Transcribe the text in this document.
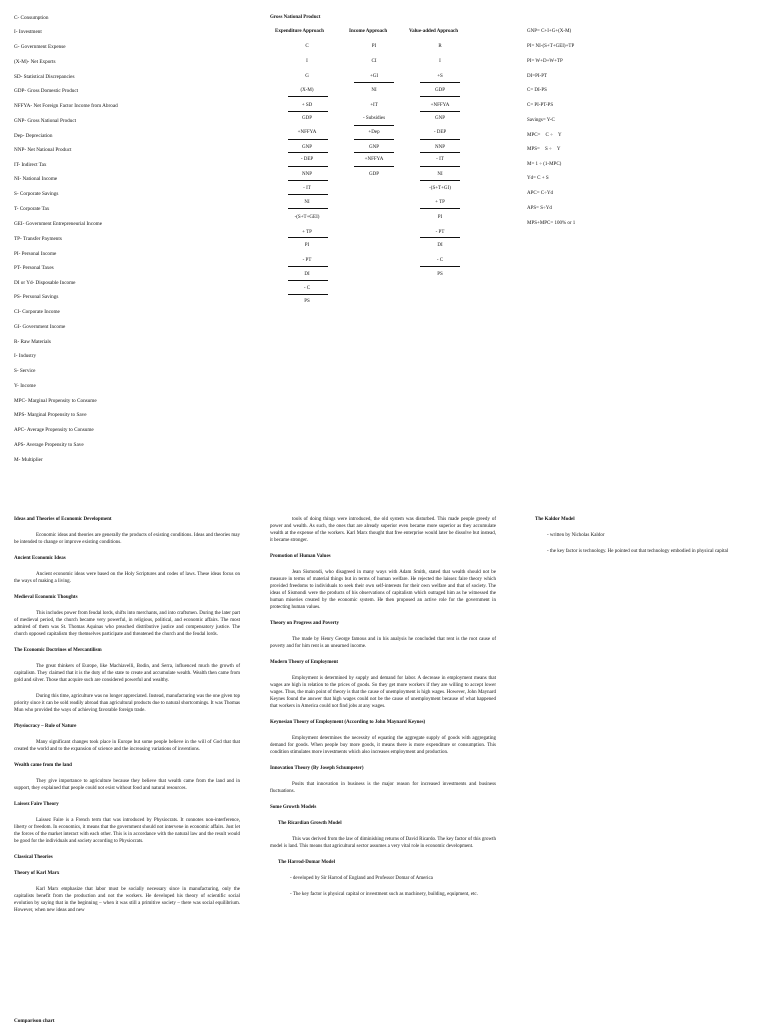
C- Consumption
I- Investment
G- Government Expense
(X-M)- Net Exports
SD- Statistical Discrepancies
GDP- Gross Domestic Product
NFFYA- Net Foreign Factor Income from Abroad
GNP- Gross National Product
Dep- Depreciation
NNP- Net National Product
IT- Indirect Tax
NI- National Income
S- Corporate Savings
T- Corporate Tax
GEI- Government Entrepreneurial Income
TP- Transfer Payments
PI- Personal Income
PT- Personal Taxes
DI or Yd- Disposable Income
PS- Personal Savings
CI- Corporate Income
GI- Government Income
R- Raw Materials
I- Industry
S- Service
Y- Income
MPC- Marginal Propensity to Consume
MPS- Marginal Propensity to Save
APC- Average Propensity to Consume
APS- Average Propensity to Save
M- Multiplier
Gross National Product
Expenditure Approach	Income Approach	Value-added Approach
C
I
G
(X-M)
+ SD
GDP
+NFFYA
GNP
- DEP
NNP
- IT
NI
-(S+T+GEI)
+ TP
PI
- PT
DI
- C
PS
PI
CI
+GI
NI
+IT
- Subsidies
+Dep
GNP
+NFFYA
GDP
R
I
+S
GDP
+NFFYA
GNP
- DEP
NNP
- IT
NI
-(S+T+GI)
+ TP
PI
- PT
DI
- C
PS
GNP= C+I+G+(X-M)
PI= NI-(S+T+GEI)+TP
PI= W+D+W+TP
DI=PI-PT
C= DI-PS
C= PI-PT-PS
Savings= Y-C
MPC= ⃤C ÷ ⃤Y
MPS= ⃤S ÷ ⃤Y
M= 1 ÷ (1-MPC)
Yd= C + S
APC= C÷Yd
APS= S÷Yd
MPS+MPC= 100% or 1
Ideas and Theories of Economic Development
Economic ideas and theories are generally the products of existing conditions. Ideas and theories may be intended to change or improve existing conditions.
Ancient Economic Ideas
Ancient economic ideas were based on the Holy Scriptures and codes of laws. These ideas focus on the ways of making a living.
Medieval Economic Thoughts
This includes power from feudal lords, shifts into merchants, and into craftsmen. During the later part of medieval period, the church became very powerful, in religious, political, and economic affairs. The most admired of them was St. Thomas Aquinas who preached distributive justice and compensatory justice. The church opposed capitalism they themselves participate and threatened the church and the feudal lords.
The Economic Doctrines of Mercantilism
The great thinkers of Europe, like Machiavelli, Bodin, and Serra, influenced much the growth of capitalism. They claimed that it is the duty of the state to create and accumulate wealth. Wealth then came from gold and silver. Those that acquire such are considered powerful and wealthy.
During this time, agriculture was no longer appreciated. Instead, manufacturing was the one given top priority since it can be sold readily abroad than agricultural products due to natural shortcomings. It was Thomas Mun who provided the ways of achieving favorable foreign trade.
Physiocracy – Rule of Nature
Many significant changes took place in Europe but some people believe in the will of God that that created the world and to the expansion of science and the increasing variations of inventions.
Wealth came from the land
They give importance to agriculture because they believe that wealth came from the land and in support, they explained that people could not exist without food and natural resources.
Laissez Faire Theory
Laissez Faire is a French term that was introduced by Physiocrats. It connotes non-interference, liberty or freedom. In economics, it means that the government should not intervene in economic affairs. Just let the forces of the market interact with each other. This is in accordance with the natural law and the result would be good for the individuals and society according to Physiocrats.
Classical Theories
Theory of Karl Marx
Karl Marx emphasize that labor must be socially necessary since in manufacturing, only the capitalists benefit from the production and not the workers. He developed his theory of scientific social evolution by saying that in the beginning – when it was still a primitive society – there was social equilibrium. However, when new ideas and new
tools of doing things were introduced, the old system was disturbed. This made people greedy of power and wealth. As such, the ones that are already superior even became more superior as they accumulate wealth at the expense of the workers. Karl Marx thought that free enterprise would later be dissolve but instead, it became stronger.
Promotion of Human Values
Jean Sismondi, who disagreed in many ways with Adam Smith, stated that wealth should not be measure in terms of material things but in terms of human welfare. He rejected the laissez faire theory which provided freedoms to individuals to seek their own self-interests for their own welfare and that of society. The ideas of Sismondi were the products of his observations of capitalism which outraged him as he witnessed the human miseries created by the economic system. He then proposed an active role for the government in protecting human values.
Theory on Progress and Poverty
The made by Henry George famous and in his analysis he concluded that rent is the root cause of poverty and for him rent is an unearned income.
Modern Theory of Employment
Employment is determined by supply and demand for labor. A decrease in employment means that wages are high in relation to the prices of goods. So they get more workers if they are willing to accept lower wages. Thus, the main point of theory is that the cause of unemployment is high wages. However, John Maynard Keynes found the answer that high wages could not be the cause of unemployment because of what happened that workers in America could not find jobs at any wages.
Keynesian Theory of Employment (According to John Maynard Keynes)
Employment determines the necessity of equating the aggregate supply of goods with aggregating demand for goods. When people buy more goods, it means there is more expenditure or consumption. This condition stimulates more investments which also increases employment and production.
Innovation Theory (By Joseph Schumpeter)
Posits that innovation in business is the major reason for increased investments and business fluctuations.
Some Growth Models
The Ricardian Growth Model
This was derived from the law of diminishing returns of David Ricardo. The key factor of this growth model is land. This means that agricultural sector assumes a very vital role in economic development.
The Harrod-Domar Model
- developed by Sir Harrod of England and Professor Domar of America
- The key factor is physical capital or investment such as machinery, building, equipment, etc.
The Kaldor Model
- written by Nicholas Kaldor
- the key factor is technology. He pointed out that technology embodied in physical capital
Comparison chart
